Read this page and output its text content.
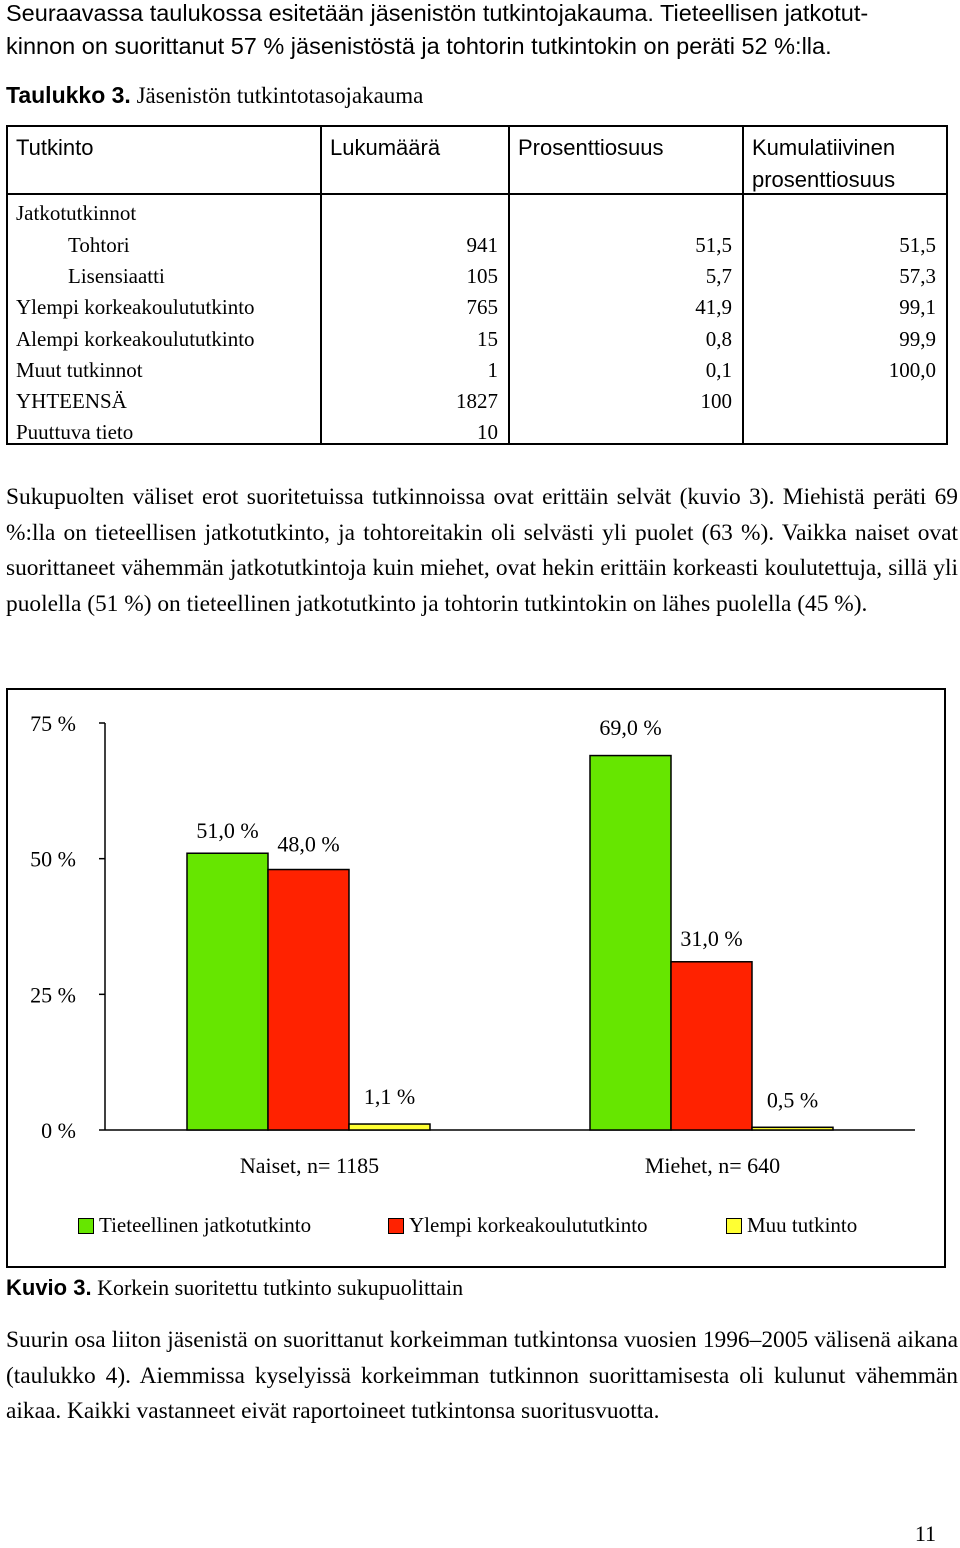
Seuraavassa taulukossa esitetään jäsenistön tutkintojakauma. Tieteellisen jatkotut-
kinnon on suorittanut 57 % jäsenistöstä ja tohtorin tutkintokin on peräti 52 %:lla.
Taulukko 3. Jäsenistön tutkintotasojakauma
Tutkinto	Lukumäärä	Prosenttiosuus	Kumulatiivinen
prosenttiosuus
Jatkotutkinnot
Tohtori	941	51,5	51,5
Lisensiaatti	105	5,7	57,3
Ylempi korkeakoulututkinto	765	41,9	99,1
Alempi korkeakoulututkinto	15	0,8	99,9
Muut tutkinnot	1	0,1	100,0
YHTEENSÄ	1827	100
Puuttuva tieto	10
Sukupuolten väliset erot suoritetuissa tutkinnoissa ovat erittäin selvät (kuvio 3). Miehistä peräti 69 %:lla on tieteellisen jatkotutkinto, ja tohtoreitakin oli selvästi yli puolet (63 %). Vaikka naiset ovat suorittaneet vähemmän jatkotutkintoja kuin miehet, ovat hekin erittäin korkeasti koulutettuja, sillä yli puolella (51 %) on tieteellinen jatkotutkinto ja tohtorin tutkintokin on lähes puolella (45 %).
0 %
25 %
50 %
75 %
51,0 %
48,0 %
1,1 %
Naiset, n= 1185
69,0 %
31,0 %
0,5 %
Miehet, n= 640
Tieteellinen jatkotutkinto	Ylempi korkeakoulututkinto	Muu tutkinto
Kuvio 3. Korkein suoritettu tutkinto sukupuolittain
Suurin osa liiton jäsenistä on suorittanut korkeimman tutkintonsa vuosien 1996–2005 välisenä aikana (taulukko 4). Aiemmissa kyselyissä korkeimman tutkinnon suorittamisesta oli kulunut vähemmän aikaa. Kaikki vastanneet eivät raportoineet tutkintonsa suoritusvuotta.
11
